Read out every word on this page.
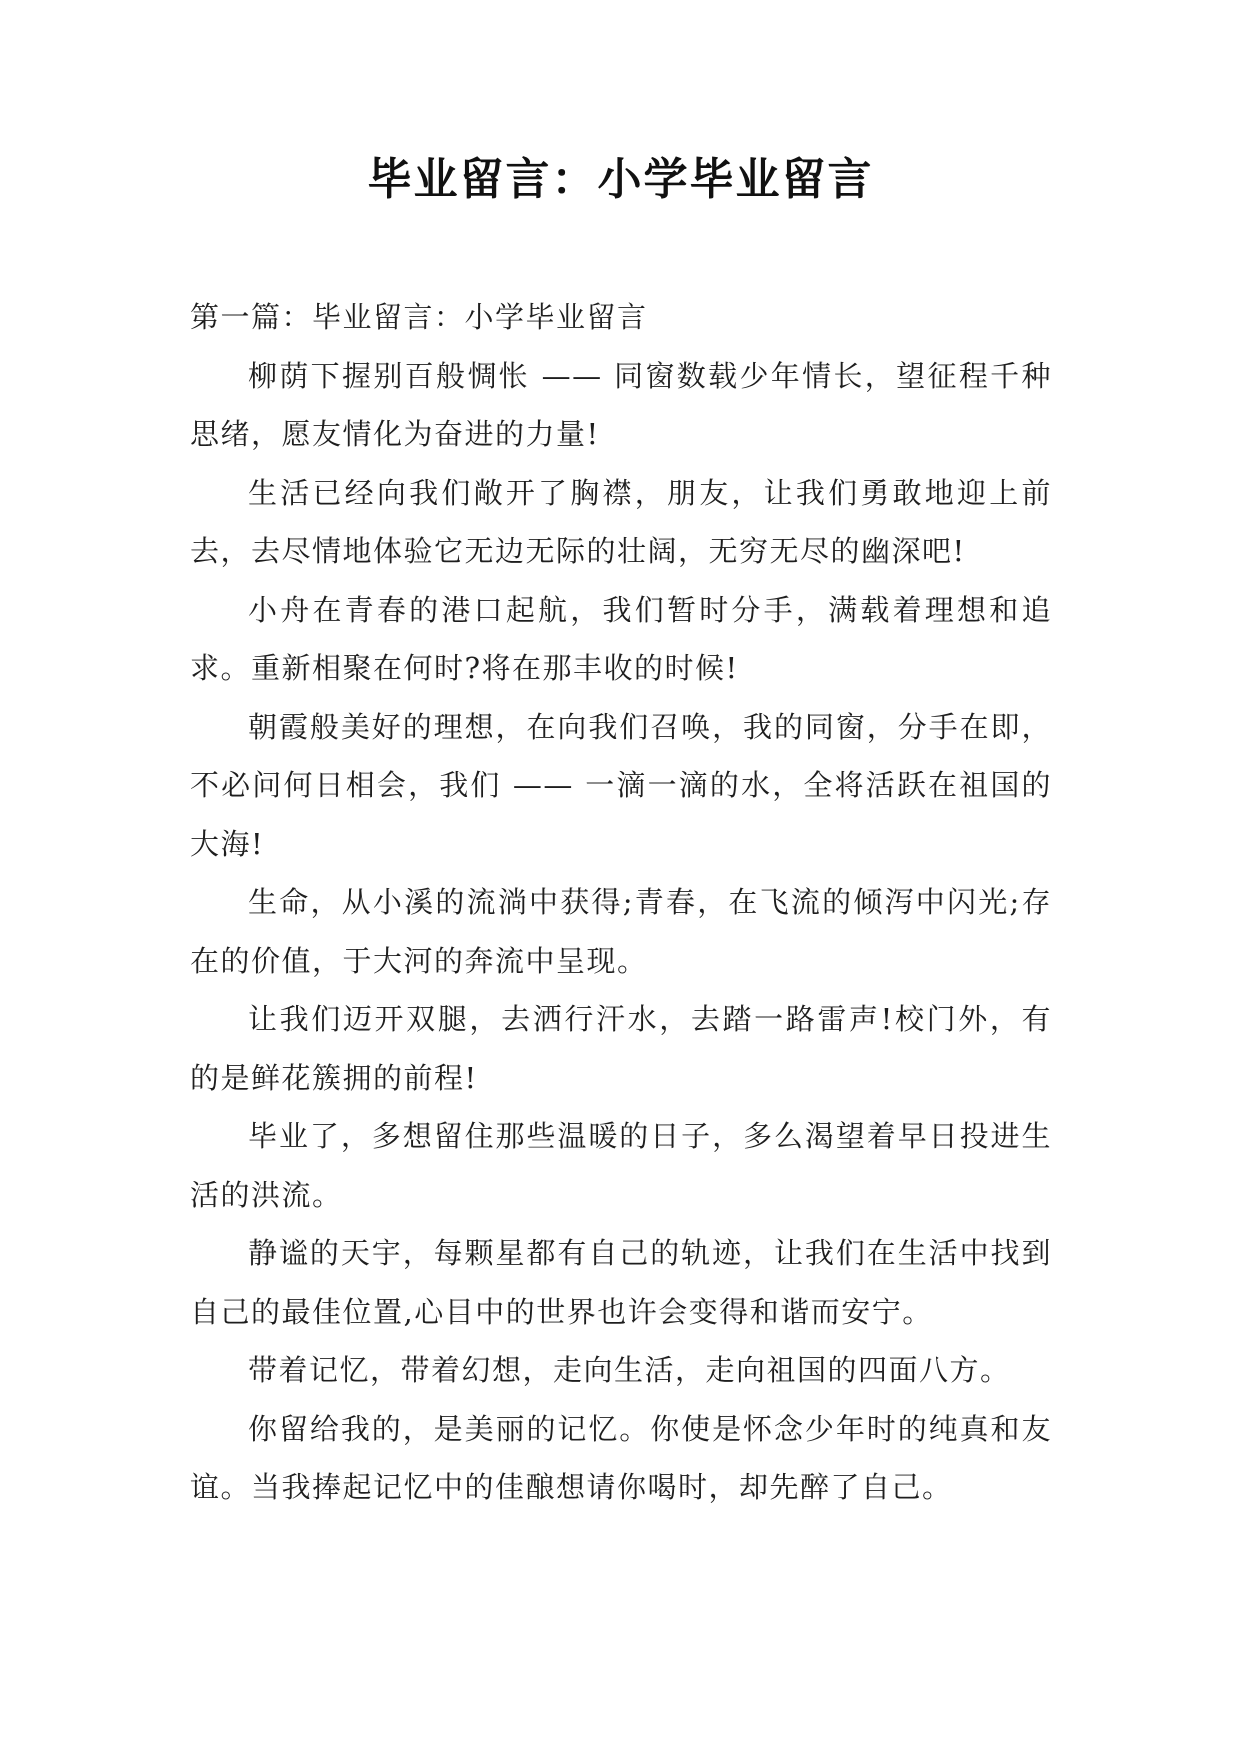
毕业留言：小学毕业留言

第一篇：毕业留言：小学毕业留言

柳荫下握别百般惆怅 —— 同窗数载少年情长，望征程千种思绪，愿友情化为奋进的力量!

生活已经向我们敞开了胸襟，朋友，让我们勇敢地迎上前去，去尽情地体验它无边无际的壮阔，无穷无尽的幽深吧!

小舟在青春的港口起航，我们暂时分手，满载着理想和追求。重新相聚在何时?将在那丰收的时候!

朝霞般美好的理想，在向我们召唤，我的同窗，分手在即，不必问何日相会，我们 —— 一滴一滴的水，全将活跃在祖国的大海!

生命，从小溪的流淌中获得;青春，在飞流的倾泻中闪光;存在的价值，于大河的奔流中呈现。

让我们迈开双腿，去洒行汗水，去踏一路雷声!校门外，有的是鲜花簇拥的前程!

毕业了，多想留住那些温暖的日子，多么渴望着早日投进生活的洪流。

静谧的天宇，每颗星都有自己的轨迹，让我们在生活中找到自己的最佳位置,心目中的世界也许会变得和谐而安宁。

带着记忆，带着幻想，走向生活，走向祖国的四面八方。

你留给我的，是美丽的记忆。你使是怀念少年时的纯真和友谊。当我捧起记忆中的佳酿想请你喝时，却先醉了自己。
